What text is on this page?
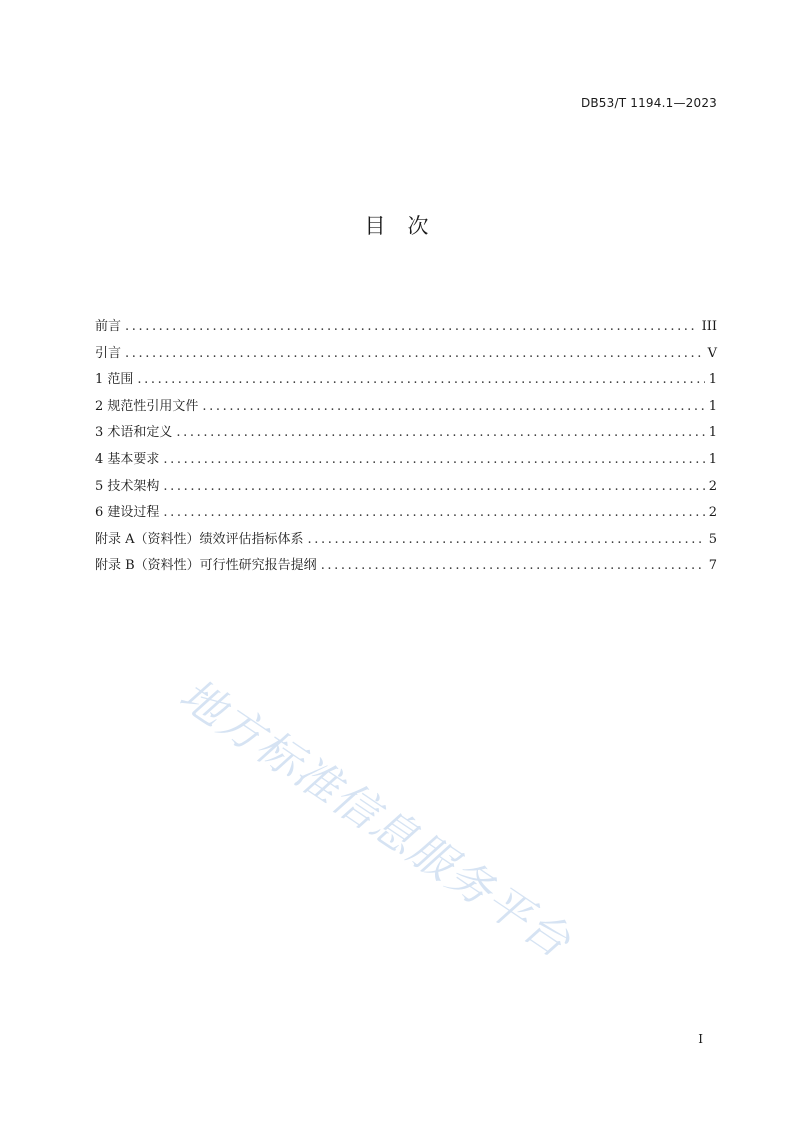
DB53/T 1194.1—2023
目次
前言 .....	III
引言 .....	V
1 范围 .....	1
2 规范性引用文件 .....	1
3 术语和定义 .....	1
4 基本要求 .....	1
5 技术架构 .....	2
6 建设过程 .....	2
附录 A（资料性）绩效评估指标体系 .....	5
附录 B（资料性）可行性研究报告提纲 .....	7
地方标准信息服务平台
I
